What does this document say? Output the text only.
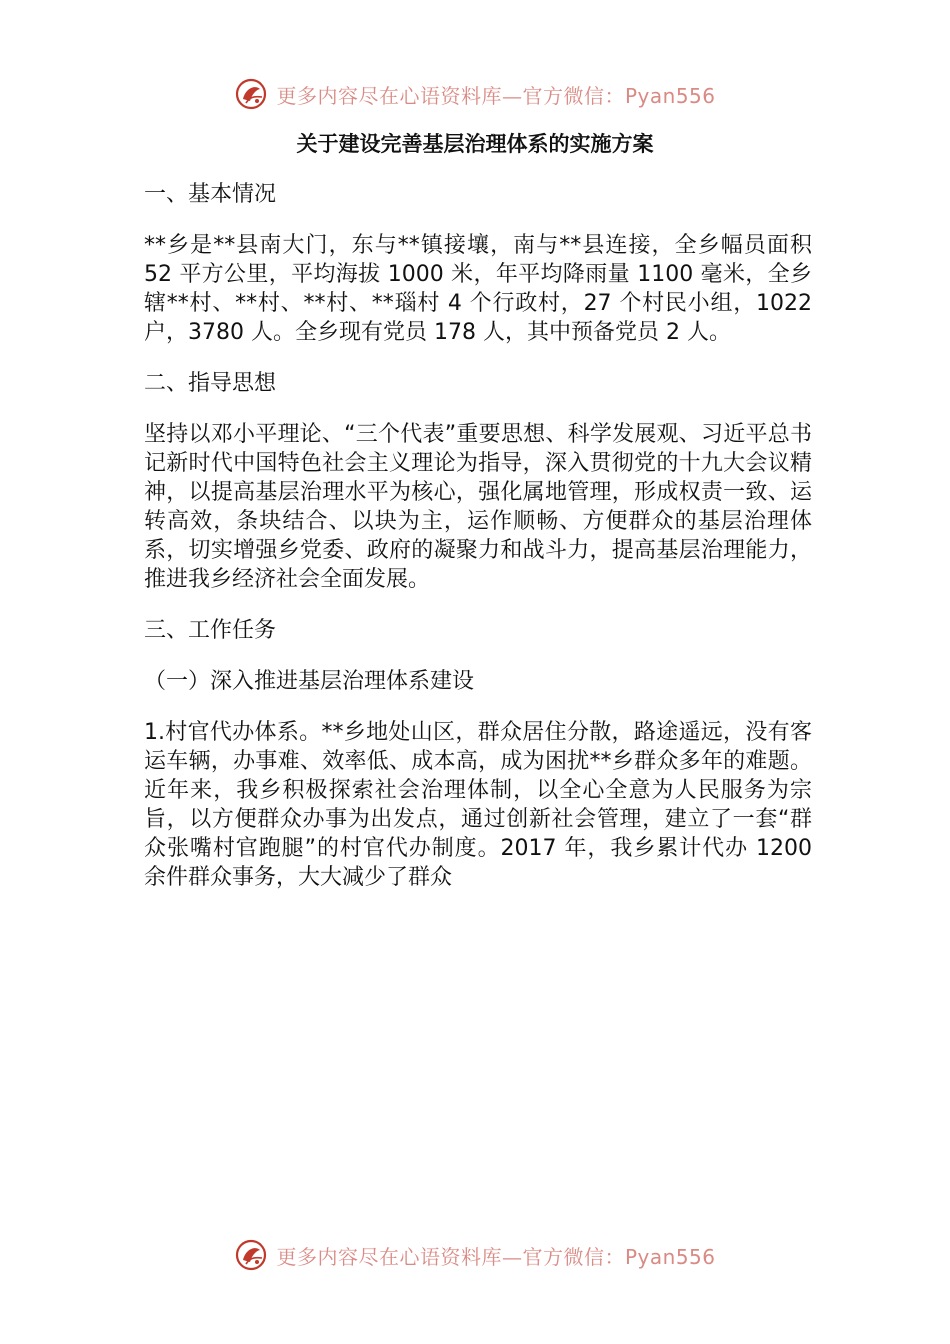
更多内容尽在心语资料库—官方微信：Pyan556
关于建设完善基层治理体系的实施方案
一、基本情况
**乡是**县南大门，东与**镇接壤，南与**县连接，全乡幅员面积 52 平方公里，平均海拔 1000 米，年平均降雨量 1100 毫米，全乡辖**村、**村、**村、**瑙村 4 个行政村，27 个村民小组，1022 户，3780 人。全乡现有党员 178 人，其中预备党员 2 人。
二、指导思想
坚持以邓小平理论、“三个代表”重要思想、科学发展观、习近平总书记新时代中国特色社会主义理论为指导，深入贯彻党的十九大会议精神，以提高基层治理水平为核心，强化属地管理，形成权责一致、运转高效，条块结合、以块为主，运作顺畅、方便群众的基层治理体系，切实增强乡党委、政府的凝聚力和战斗力，提高基层治理能力，推进我乡经济社会全面发展。
三、工作任务
（一）深入推进基层治理体系建设
1.村官代办体系。**乡地处山区，群众居住分散，路途遥远，没有客运车辆，办事难、效率低、成本高，成为困扰**乡群众多年的难题。近年来，我乡积极探索社会治理体制，以全心全意为人民服务为宗旨，以方便群众办事为出发点，通过创新社会管理，建立了一套“群众张嘴村官跑腿”的村官代办制度。2017 年，我乡累计代办 1200 余件群众事务，大大减少了群众
更多内容尽在心语资料库—官方微信：Pyan556
